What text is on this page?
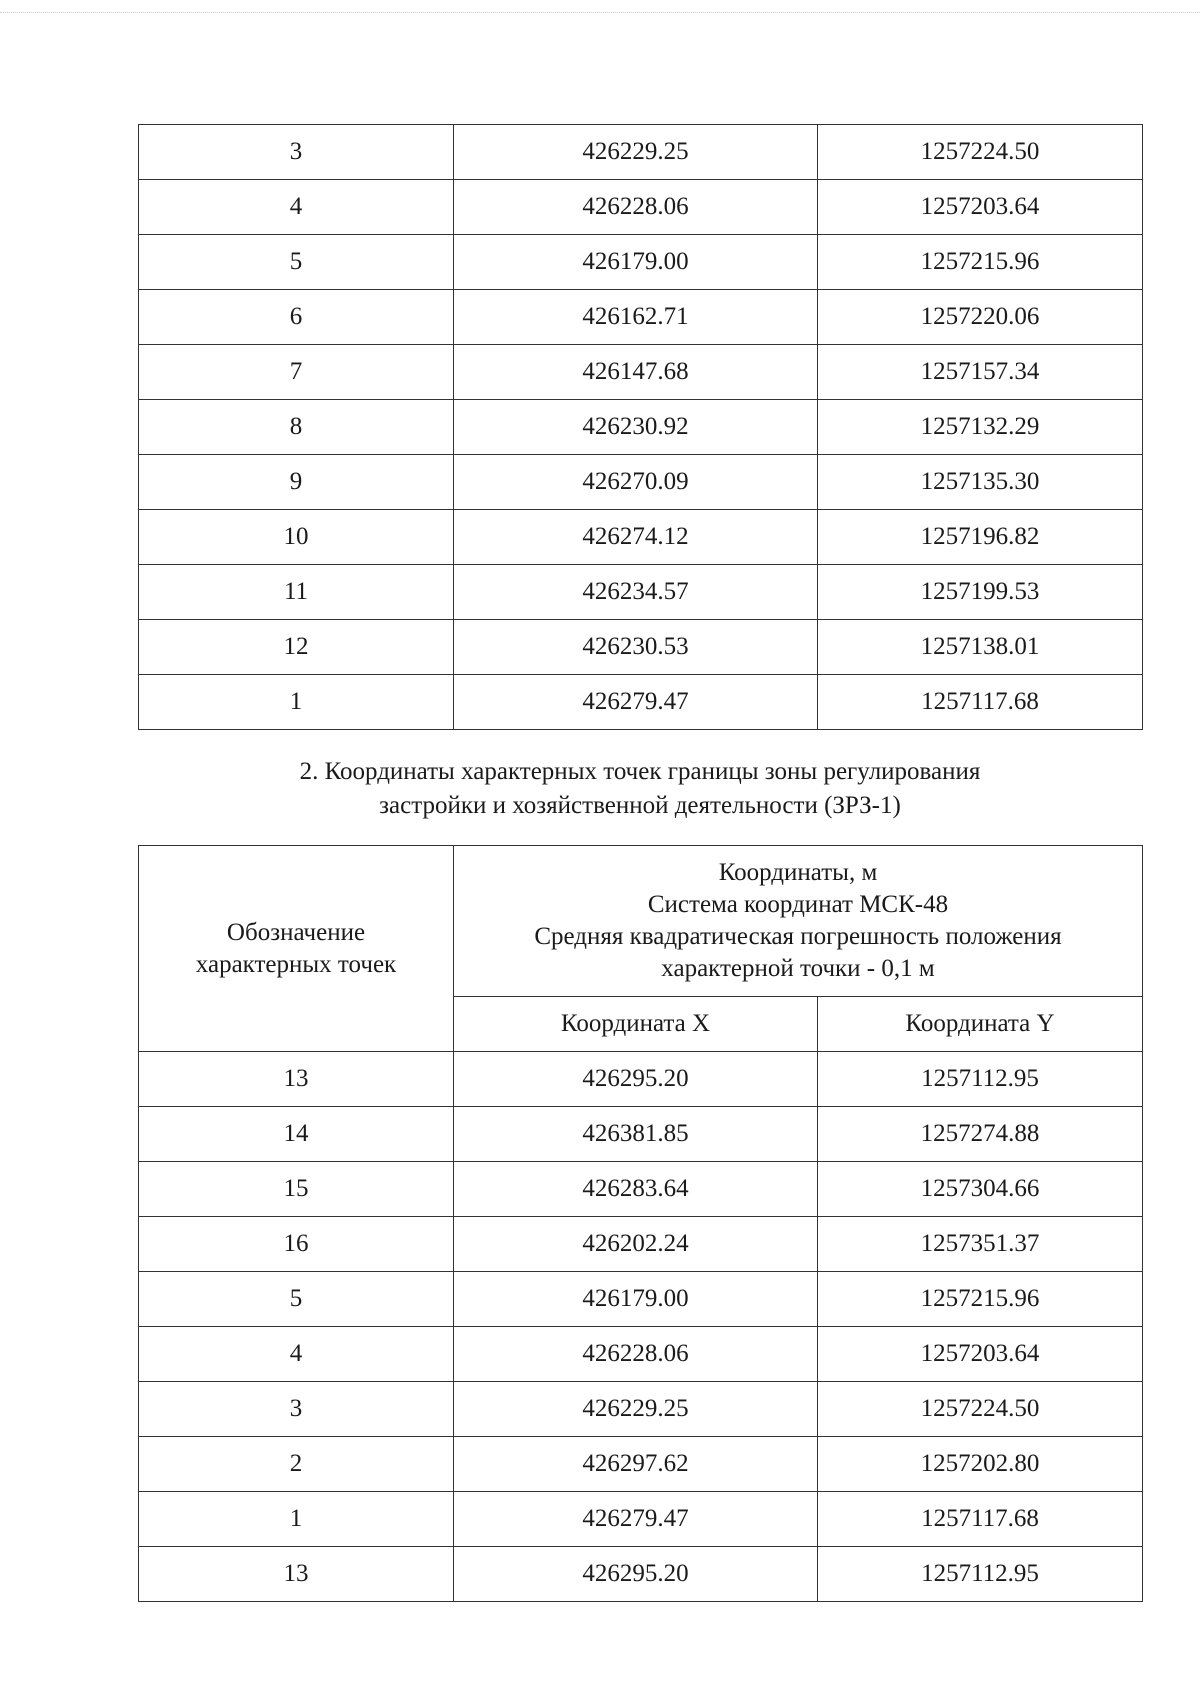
3	426229.25	1257224.50
4	426228.06	1257203.64
5	426179.00	1257215.96
6	426162.71	1257220.06
7	426147.68	1257157.34
8	426230.92	1257132.29
9	426270.09	1257135.30
10	426274.12	1257196.82
11	426234.57	1257199.53
12	426230.53	1257138.01
1	426279.47	1257117.68
2. Координаты характерных точек границы зоны регулирования
застройки и хозяйственной деятельности (ЗРЗ-1)
Обозначение
характерных точек	Координаты, м
Система координат МСК-48
Средняя квадратическая погрешность положения
характерной точки - 0,1 м	

	Координата X	Координата Y
13	426295.20	1257112.95
14	426381.85	1257274.88
15	426283.64	1257304.66
16	426202.24	1257351.37
5	426179.00	1257215.96
4	426228.06	1257203.64
3	426229.25	1257224.50
2	426297.62	1257202.80
1	426279.47	1257117.68
13	426295.20	1257112.95
